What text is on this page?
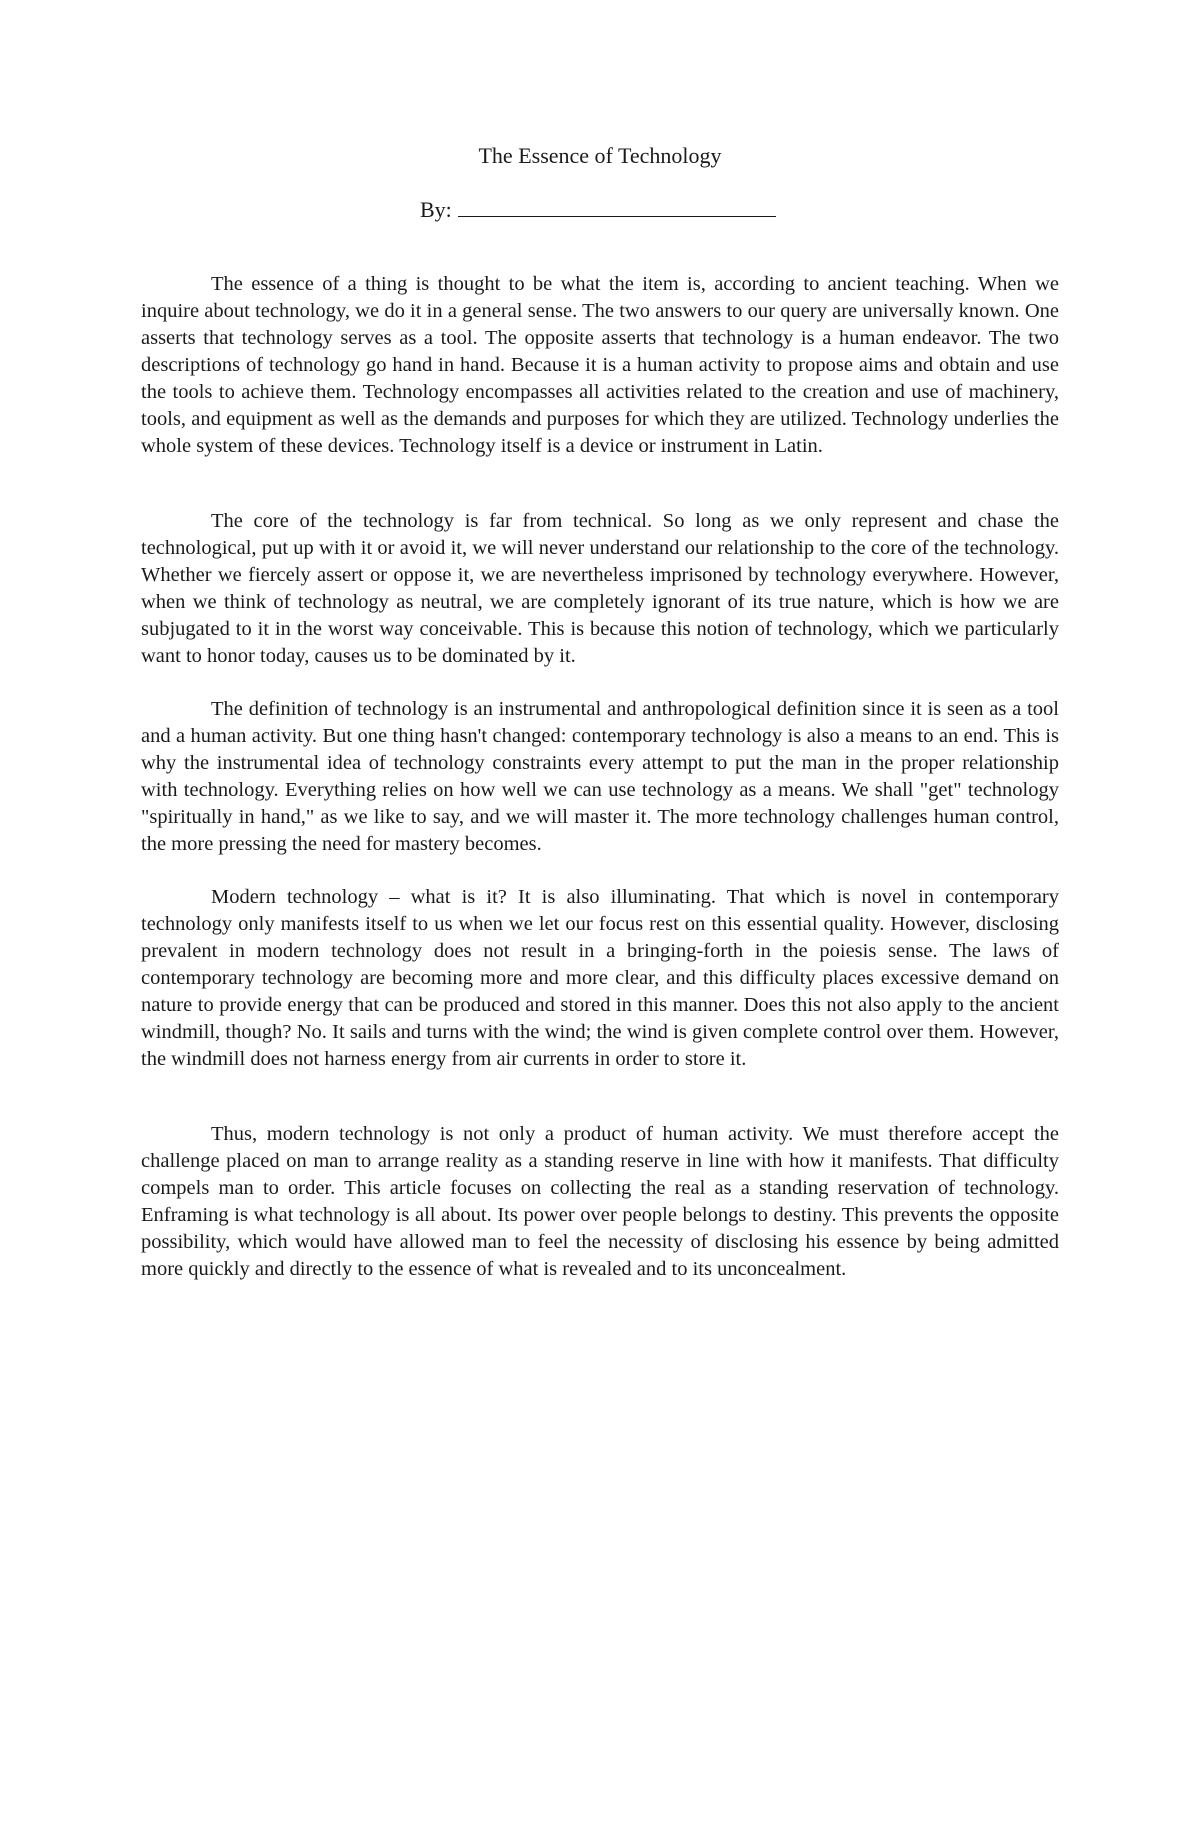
The Essence of Technology
By:

The essence of a thing is thought to be what the item is, according to ancient teaching. When we inquire about technology, we do it in a general sense. The two answers to our query are universally known. One asserts that technology serves as a tool. The opposite asserts that technology is a human endeavor. The two descriptions of technology go hand in hand. Because it is a human activity to propose aims and obtain and use the tools to achieve them. Technology encompasses all activities related to the creation and use of machinery, tools, and equipment as well as the demands and purposes for which they are utilized. Technology underlies the whole system of these devices. Technology itself is a device or instrument in Latin.

The core of the technology is far from technical. So long as we only represent and chase the technological, put up with it or avoid it, we will never understand our relationship to the core of the technology. Whether we fiercely assert or oppose it, we are nevertheless imprisoned by technology everywhere. However, when we think of technology as neutral, we are completely ignorant of its true nature, which is how we are subjugated to it in the worst way conceivable. This is because this notion of technology, which we particularly want to honor today, causes us to be dominated by it.

The definition of technology is an instrumental and anthropological definition since it is seen as a tool and a human activity. But one thing hasn't changed: contemporary technology is also a means to an end. This is why the instrumental idea of technology constraints every attempt to put the man in the proper relationship with technology. Everything relies on how well we can use technology as a means. We shall "get" technology "spiritually in hand," as we like to say, and we will master it. The more technology challenges human control, the more pressing the need for mastery becomes.

Modern technology – what is it? It is also illuminating. That which is novel in contemporary technology only manifests itself to us when we let our focus rest on this essential quality. However, disclosing prevalent in modern technology does not result in a bringing-forth in the poiesis sense. The laws of contemporary technology are becoming more and more clear, and this difficulty places excessive demand on nature to provide energy that can be produced and stored in this manner. Does this not also apply to the ancient windmill, though? No. It sails and turns with the wind; the wind is given complete control over them. However, the windmill does not harness energy from air currents in order to store it.

Thus, modern technology is not only a product of human activity. We must therefore accept the challenge placed on man to arrange reality as a standing reserve in line with how it manifests. That difficulty compels man to order. This article focuses on collecting the real as a standing reservation of technology. Enframing is what technology is all about. Its power over people belongs to destiny. This prevents the opposite possibility, which would have allowed man to feel the necessity of disclosing his essence by being admitted more quickly and directly to the essence of what is revealed and to its unconcealment.
